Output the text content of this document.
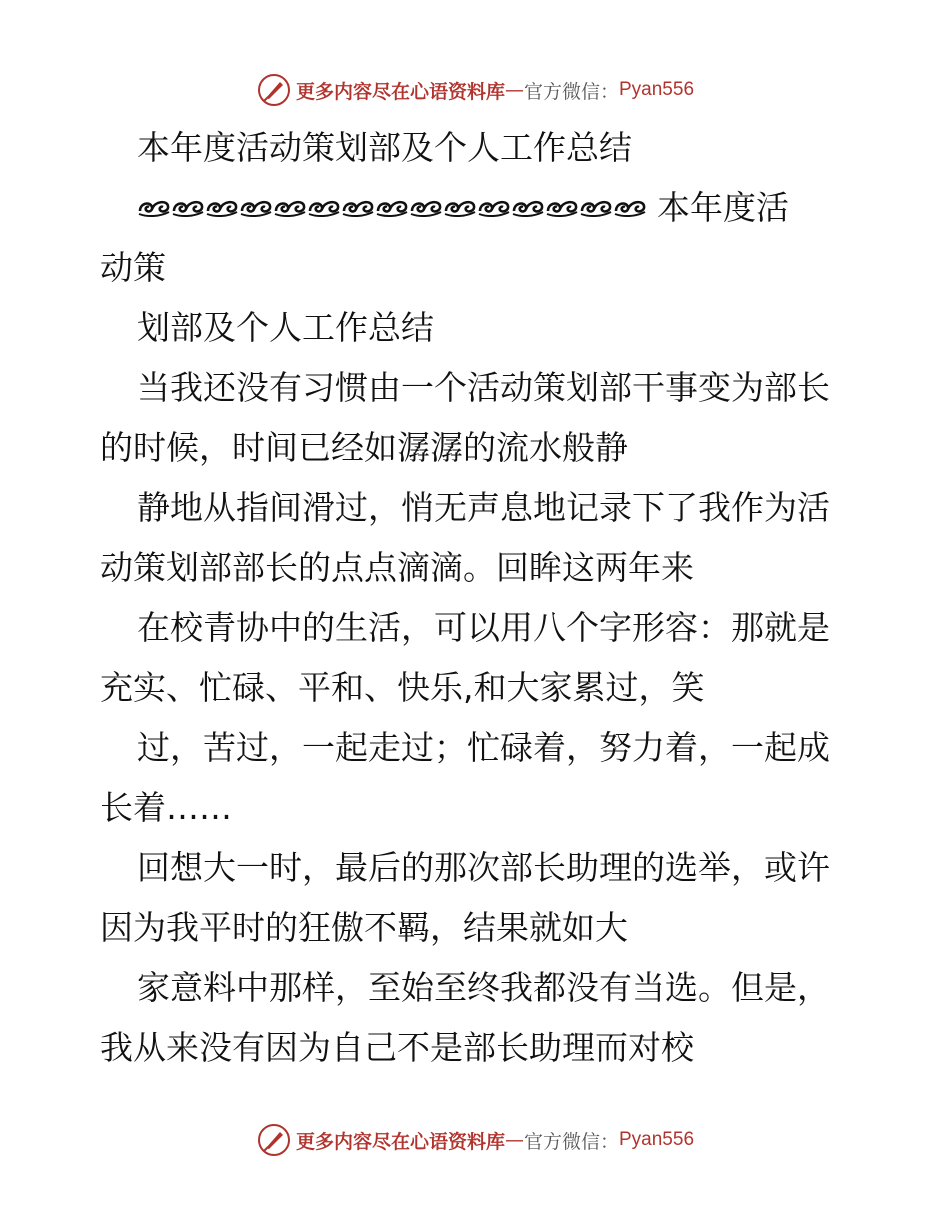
更多内容尽在心语资料库 — 官方微信： Pyan556
本年度活动策划部及个人工作总结
本年度活
动策
划部及个人工作总结
当我还没有习惯由一个活动策划部干事变为部长
的时候，时间已经如潺潺的流水般静
静地从指间滑过，悄无声息地记录下了我作为活
动策划部部长的点点滴滴。回眸这两年来
在校青协中的生活，可以用八个字形容：那就是
充实、忙碌、平和、快乐,和大家累过，笑
过，苦过，一起走过；忙碌着，努力着，一起成
长着……
回想大一时，最后的那次部长助理的选举，或许
因为我平时的狂傲不羁，结果就如大
家意料中那样，至始至终我都没有当选。但是，
我从来没有因为自己不是部长助理而对校
更多内容尽在心语资料库 — 官方微信： Pyan556
